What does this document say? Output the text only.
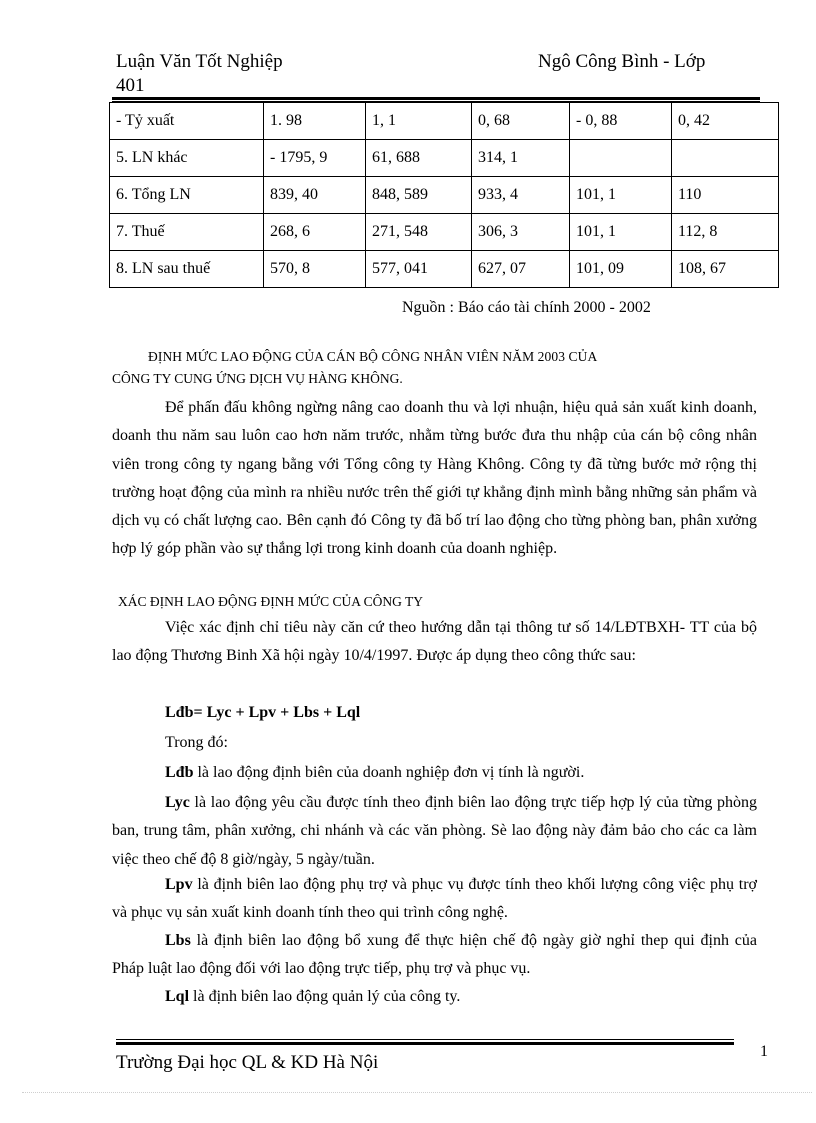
Luận Văn Tốt Nghiệp
401
Ngô Công Bình - Lớp
- Tỷ xuất	1. 98	1, 1	0, 68	- 0, 88	0, 42
5. LN khác	- 1795, 9	61, 688	314, 1		
6. Tổng LN	839, 40	848, 589	933, 4	101, 1	110
7. Thuế	268, 6	271, 548	306, 3	101, 1	112, 8
8. LN sau thuế	570, 8	577, 041	627, 07	101, 09	108, 67
Nguồn : Báo cáo tài chính 2000 - 2002
ĐỊNH MỨC LAO ĐỘNG CỦA CÁN BỘ CÔNG NHÂN VIÊN NĂM 2003 CỦA
CÔNG TY CUNG ỨNG DỊCH VỤ HÀNG KHÔNG.
Để phấn đấu không ngừng nâng cao doanh thu và lợi nhuận, hiệu quả sản xuất kinh doanh, doanh thu năm sau luôn cao hơn năm trước, nhằm từng bước đưa thu nhập của cán bộ công nhân viên trong công ty ngang bằng với Tổng công ty Hàng Không. Công ty đã từng bước mở rộng thị trường hoạt động của mình ra nhiều nước trên thế giới tự khẳng định mình bằng những sản phẩm và dịch vụ có chất lượng cao. Bên cạnh đó Công ty đã bố trí lao động cho từng phòng ban, phân xưởng hợp lý góp phần vào sự thắng lợi trong kinh doanh của doanh nghiệp.
XÁC ĐỊNH LAO ĐỘNG ĐỊNH MỨC CỦA CÔNG TY
Việc xác định chỉ tiêu này căn cứ theo hướng dẫn tại thông tư số 14/LĐTBXH- TT của bộ lao động Thương Binh Xã hội ngày 10/4/1997. Được áp dụng theo công thức sau:
Lđb= Lyc + Lpv + Lbs + Lql
Trong đó:
Lđb là lao động định biên của doanh nghiệp đơn vị tính là người.
Lyc là lao động yêu cầu được tính theo định biên lao động trực tiếp hợp lý của từng phòng ban, trung tâm, phân xưởng, chi nhánh và các văn phòng. Sè lao động này đảm bảo cho các ca làm việc theo chế độ 8 giờ/ngày, 5 ngày/tuần.
Lpv là định biên lao động phụ trợ và phục vụ được tính theo khối lượng công việc phụ trợ và phục vụ sản xuất kinh doanh tính theo qui trình công nghệ.
Lbs là định biên lao động bổ xung để thực hiện chế độ ngày giờ nghỉ thep qui định của Pháp luật lao động đối với lao động trực tiếp, phụ trợ và phục vụ.
Lql là định biên lao động quản lý của công ty.
Trường Đại học QL & KD Hà Nội
1
